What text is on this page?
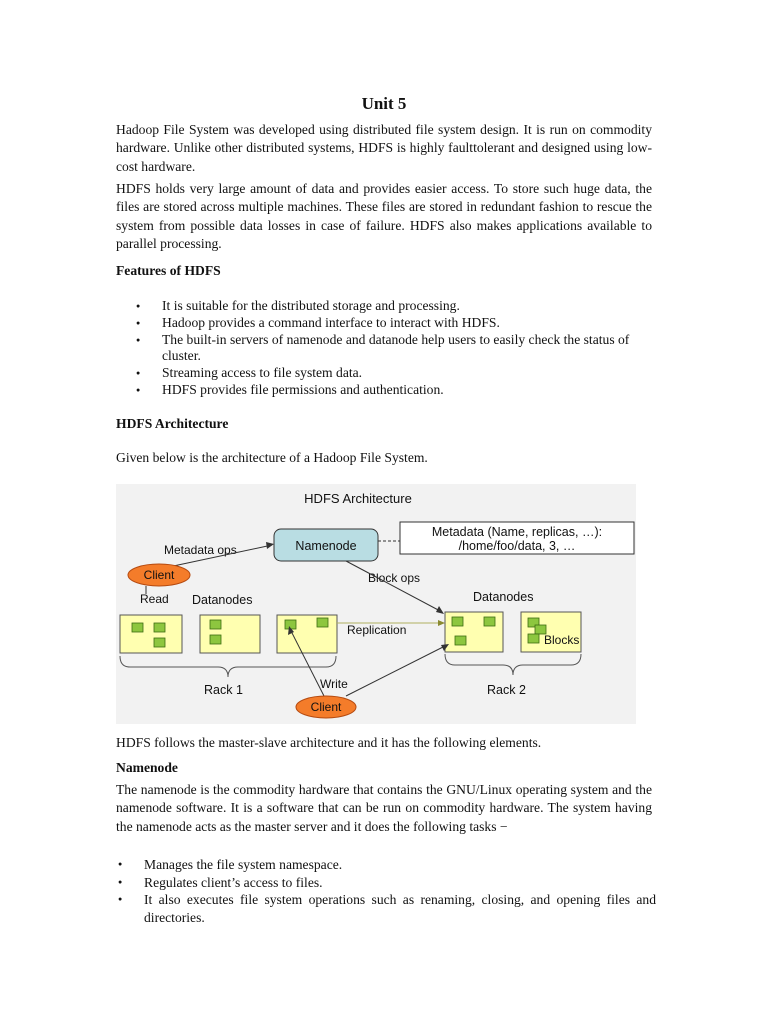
Unit 5

Hadoop File System was developed using distributed file system design. It is run on commodity hardware. Unlike other distributed systems, HDFS is highly faulttolerant and designed using low-cost hardware.

HDFS holds very large amount of data and provides easier access. To store such huge data, the files are stored across multiple machines. These files are stored in redundant fashion to rescue the system from possible data losses in case of failure. HDFS also makes applications available to parallel processing.

Features of HDFS
● It is suitable for the distributed storage and processing.
● Hadoop provides a command interface to interact with HDFS.
● The built-in servers of namenode and datanode help users to easily check the status of cluster.
● Streaming access to file system data.
● HDFS provides file permissions and authentication.
HDFS Architecture
Given below is the architecture of a Hadoop File System.
HDFS Architecture
Namenode
Metadata (Name, replicas, …):
/home/foo/data, 3, …
Metadata ops
Client
Read Datanodes	Datanodes
Block ops
Blocks
Replication
Rack 1	Rack 2
Write
Client
HDFS follows the master-slave architecture and it has the following elements.
Namenode

The namenode is the commodity hardware that contains the GNU/Linux operating system and the namenode software. It is a software that can be run on commodity hardware. The system having the namenode acts as the master server and it does the following tasks −

● Manages the file system namespace.
● Regulates client’s access to files.
● It also executes file system operations such as renaming, closing, and opening files and directories.
